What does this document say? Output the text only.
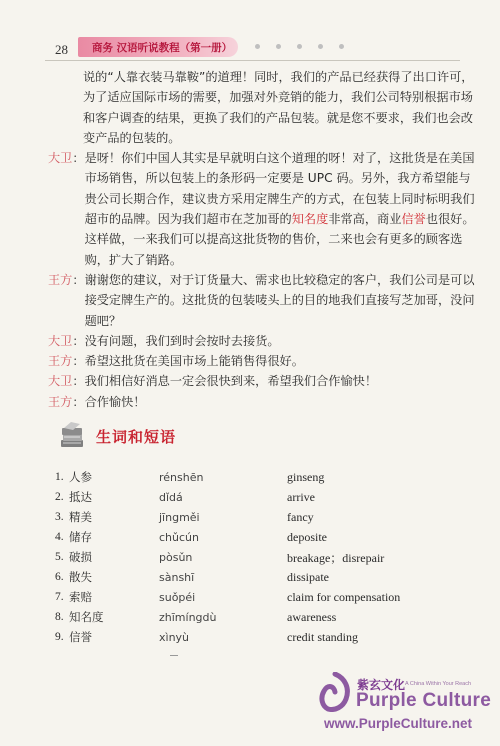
28 商务 汉语听说教程（第一册）
说的“人靠衣装马靠鞍”的道理！同时，我们的产品已经获得了出口许可，为了适应国际市场的需要，加强对外竞销的能力，我们公司特别根据市场和客户调查的结果，更换了我们的产品包装。就是您不要求，我们也会改变产品的包装的。
大卫 ： 是呀！你们中国人其实是早就明白这个道理的呀！对了，这批货是在美国市场销售，所以包装上的条形码一定要是 UPC 码。另外，我方希望能与贵公司长期合作，建议贵方采用定牌生产的方式，在包装上同时标明我们超市的品牌。因为我们超市在芝加哥的知名度非常高，商业信誉也很好。这样做，一来我们可以提高这批货物的售价，二来也会有更多的顾客选购，扩大了销路。
王方 ： 谢谢您的建议，对于订货量大、需求也比较稳定的客户，我们公司是可以接受定牌生产的。这批货的包装唛头上的目的地我们直接写芝加哥，没问题吧？
大卫 ： 没有问题，我们到时会按时去接货。
王方 ： 希望这批货在美国市场上能销售得很好。
大卫 ： 我们相信好消息一定会很快到来，希望我们合作愉快！
王方 ： 合作愉快！
生词和短语
1.	人参	rénshēn	ginseng
2.	抵达	dǐdá	arrive
3.	精美	jīngměi	fancy
4.	储存	chǔcún	deposite
5.	破损	pòsǔn	breakage；disrepair
6.	散失	sànshī	dissipate
7.	索赔	suǒpéi	claim for compensation
8.	知名度	zhīmíngdù	awareness
9.	信誉	xìnyù	credit standing
紫玄文化 A China Within Your Reach
Purple Culture
www.PurpleCulture.net
